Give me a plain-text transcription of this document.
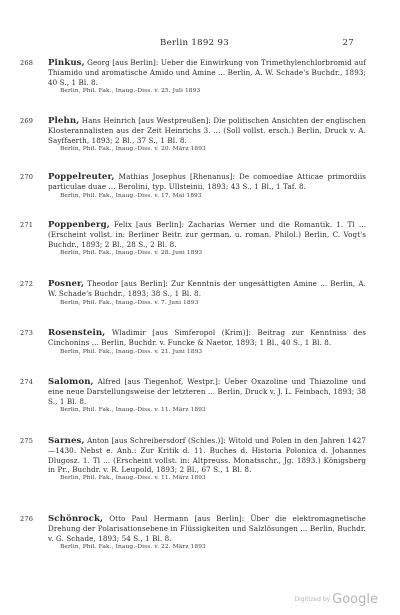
Berlin 1892 93	27
268	Pinkus, Georg [aus Berlin]: Ueber die Einwirkung von Trimethylenchlorbromid auf Thiamido und aromatische Amido und Amine ... Berlin, A. W. Schade's Buchdr., 1893; 40 S., 1 Bl. 8.
Berlin, Phil. Fak., Inaug.-Diss. v. 25. Juli 1893
269	Plehn, Hans Heinrich [aus Westpreußen]: Die politischen Ansichten der englischen Klosterannalisten aus der Zeit Heinrichs 3. ... (Soll vollst. ersch.) Berlin, Druck v. A. Sayffaerth, 1893; 2 Bl., 37 S., 1 Bl. 8.
Berlin, Phil. Fak., Inaug.-Diss. v. 20. März 1893
270	Poppelreuter, Mathias Josephus [Rhenanus]: De comoediae Atticae primordiis particulae duae ... Berolini, typ. Ullsteinii, 1893; 43 S., 1 Bl., 1 Taf. 8.
Berlin, Phil. Fak., Inaug.-Diss. v. 17. Mai 1893
271	Poppenberg, Felix [aus Berlin]: Zacharias Werner und die Romantik. 1. Tl ... (Erscheint vollst. in: Berliner Beitr. zur german. u. roman. Philol.) Berlin, C. Vogt's Buchdr., 1893; 2 Bl., 28 S., 2 Bl. 8.
Berlin, Phil. Fak., Inaug.-Diss. v. 28. Juni 1893
272	Posner, Theodor [aus Berlin]: Zur Kenntnis der ungesättigten Amine ... Berlin, A. W. Schade's Buchdr., 1893; 38 S., 1 Bl. 8.
Berlin, Phil. Fak., Inaug.-Diss. v. 7. Juni 1893
273	Rosenstein, Wladimir [aus Simferopol (Krim)]: Beitrag zur Kenntniss des Cinchonins ... Berlin, Buchdr. v. Funcke & Naetor, 1893; 1 Bl., 40 S., 1 Bl. 8.
Berlin, Phil. Fak., Inaug.-Diss. v. 21. Juni 1893
274	Salomon, Alfred [aus Tiegenhof, Westpr.]: Ueber Oxazoline und Thiazoline und eine neue Darstellungsweise der letzteren ... Berlin, Druck v. J. L. Feinbach, 1893; 38 S., 1 Bl. 8.
Berlin, Phil. Fak., Inaug.-Diss. v. 11. März 1893
275	Sarnes, Anton [aus Schreibersdorf (Schles.)]: Witold und Polen in den Jahren 1427—1430. Nebst e. Anh.: Zur Kritik d. 11. Buches d. Historia Polonica d. Johannes Dlugosz. 1. Tl ... (Erscheint vollst. in: Altpreuss. Monatsschr., Jg. 1893.) Königsberg in Pr., Buchdr. v. R. Leupold, 1893; 2 Bl., 67 S., 1 Bl. 8.
Berlin, Phil. Fak., Inaug.-Diss. v. 11. März 1893
276	Schönrock, Otto Paul Hermann [aus Berlin]: Über die elektromagnetische Drehung der Polarisationsebene in Flüssigkeiten und Salzlösungen ... Berlin, Buchdr. v. G. Schade, 1893; 54 S., 1 Bl. 8.
Berlin, Phil. Fak., Inaug.-Diss. v. 22. März 1893
Digitized by Google
